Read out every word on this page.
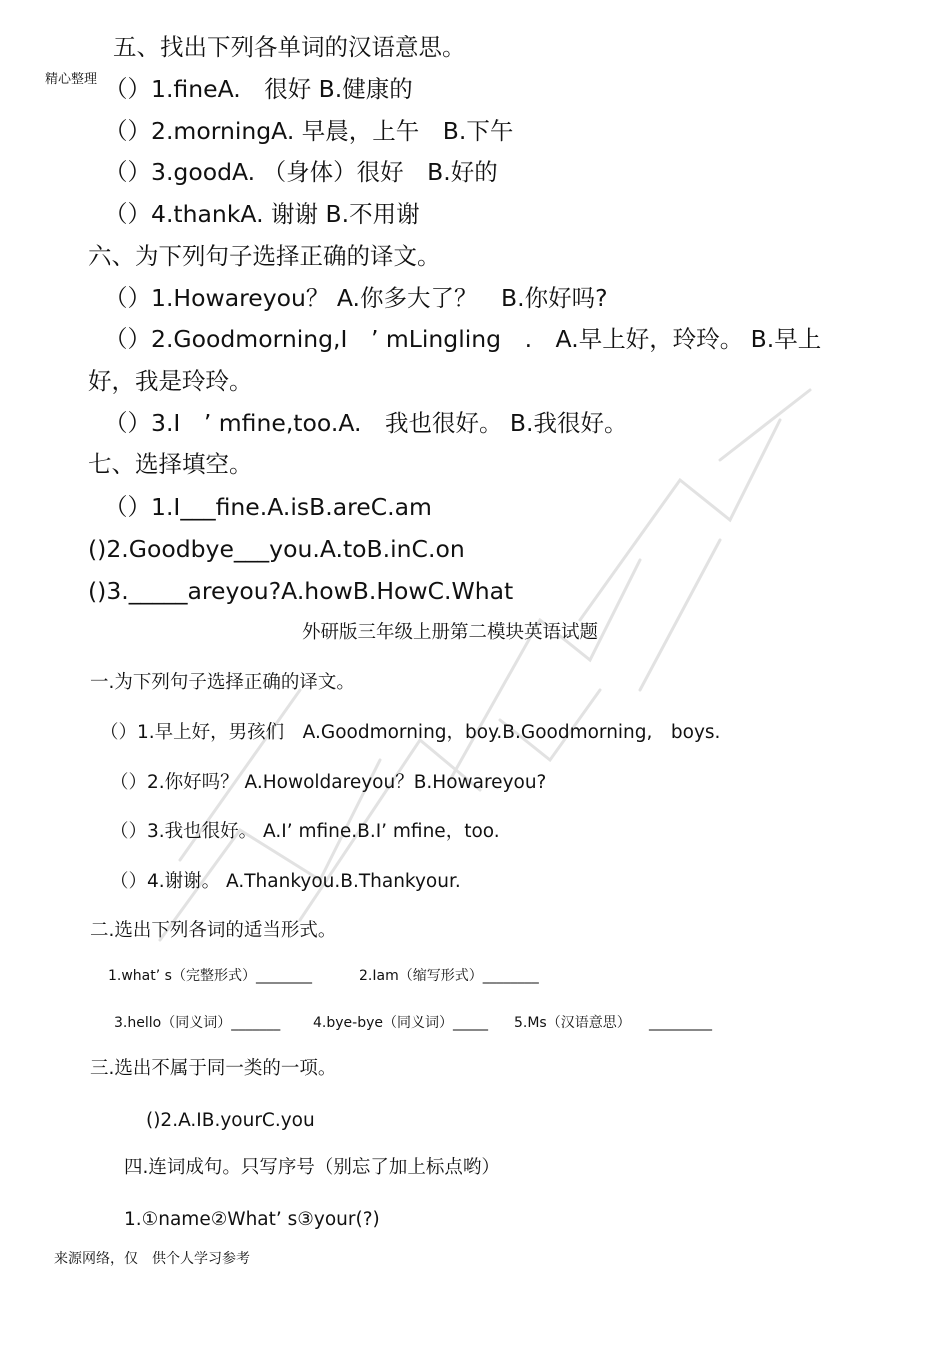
精心整理
五、找出下列各单词的汉语意思。
（）1.fineA.　很好 B.健康的
（）2.morningA. 早晨，上午　B.下午
（）3.goodA. （身体）很好　B.好的
（）4.thankA. 谢谢 B.不用谢
六、为下列句子选择正确的译文。
（）1.Howareyou？ A.你多大了？　B.你好吗?
（）2.Goodmorning,I　’ mLingling　.　A.早上好，玲玲。 B.早上
好，我是玲玲。
（）3.I　’ mfine,too.A.　我也很好。 B.我很好。
七、选择填空。
（）1.I___fine.A.isB.areC.am
()2.Goodbye___you.A.toB.inC.on
()3._____areyou?A.howB.HowC.What
外研版三年级上册第二模块英语试题
一.为下列句子选择正确的译文。
（）1.早上好，男孩们　A.Goodmorning，boy.B.Goodmorning,　boys.
（）2.你好吗？ A.Howoldareyou？B.Howareyou?
（）3.我也很好。 A.I’ mfine.B.I’ mfine，too.
（）4.谢谢。 A.Thankyou.B.Thankyour.
二.选出下列各词的适当形式。
1.what’ s（完整形式）________	2.Iam（缩写形式）________
3.hello（同义词）_______ 4.bye-bye（同义词）_____ 5.Ms（汉语意思） _________
三.选出不属于同一类的一项。
()2.A.IB.yourC.you
四.连词成句。只写序号（别忘了加上标点哟）
1.①name②What’ s③your(?)
来源网络，仅　供个人学习参考
